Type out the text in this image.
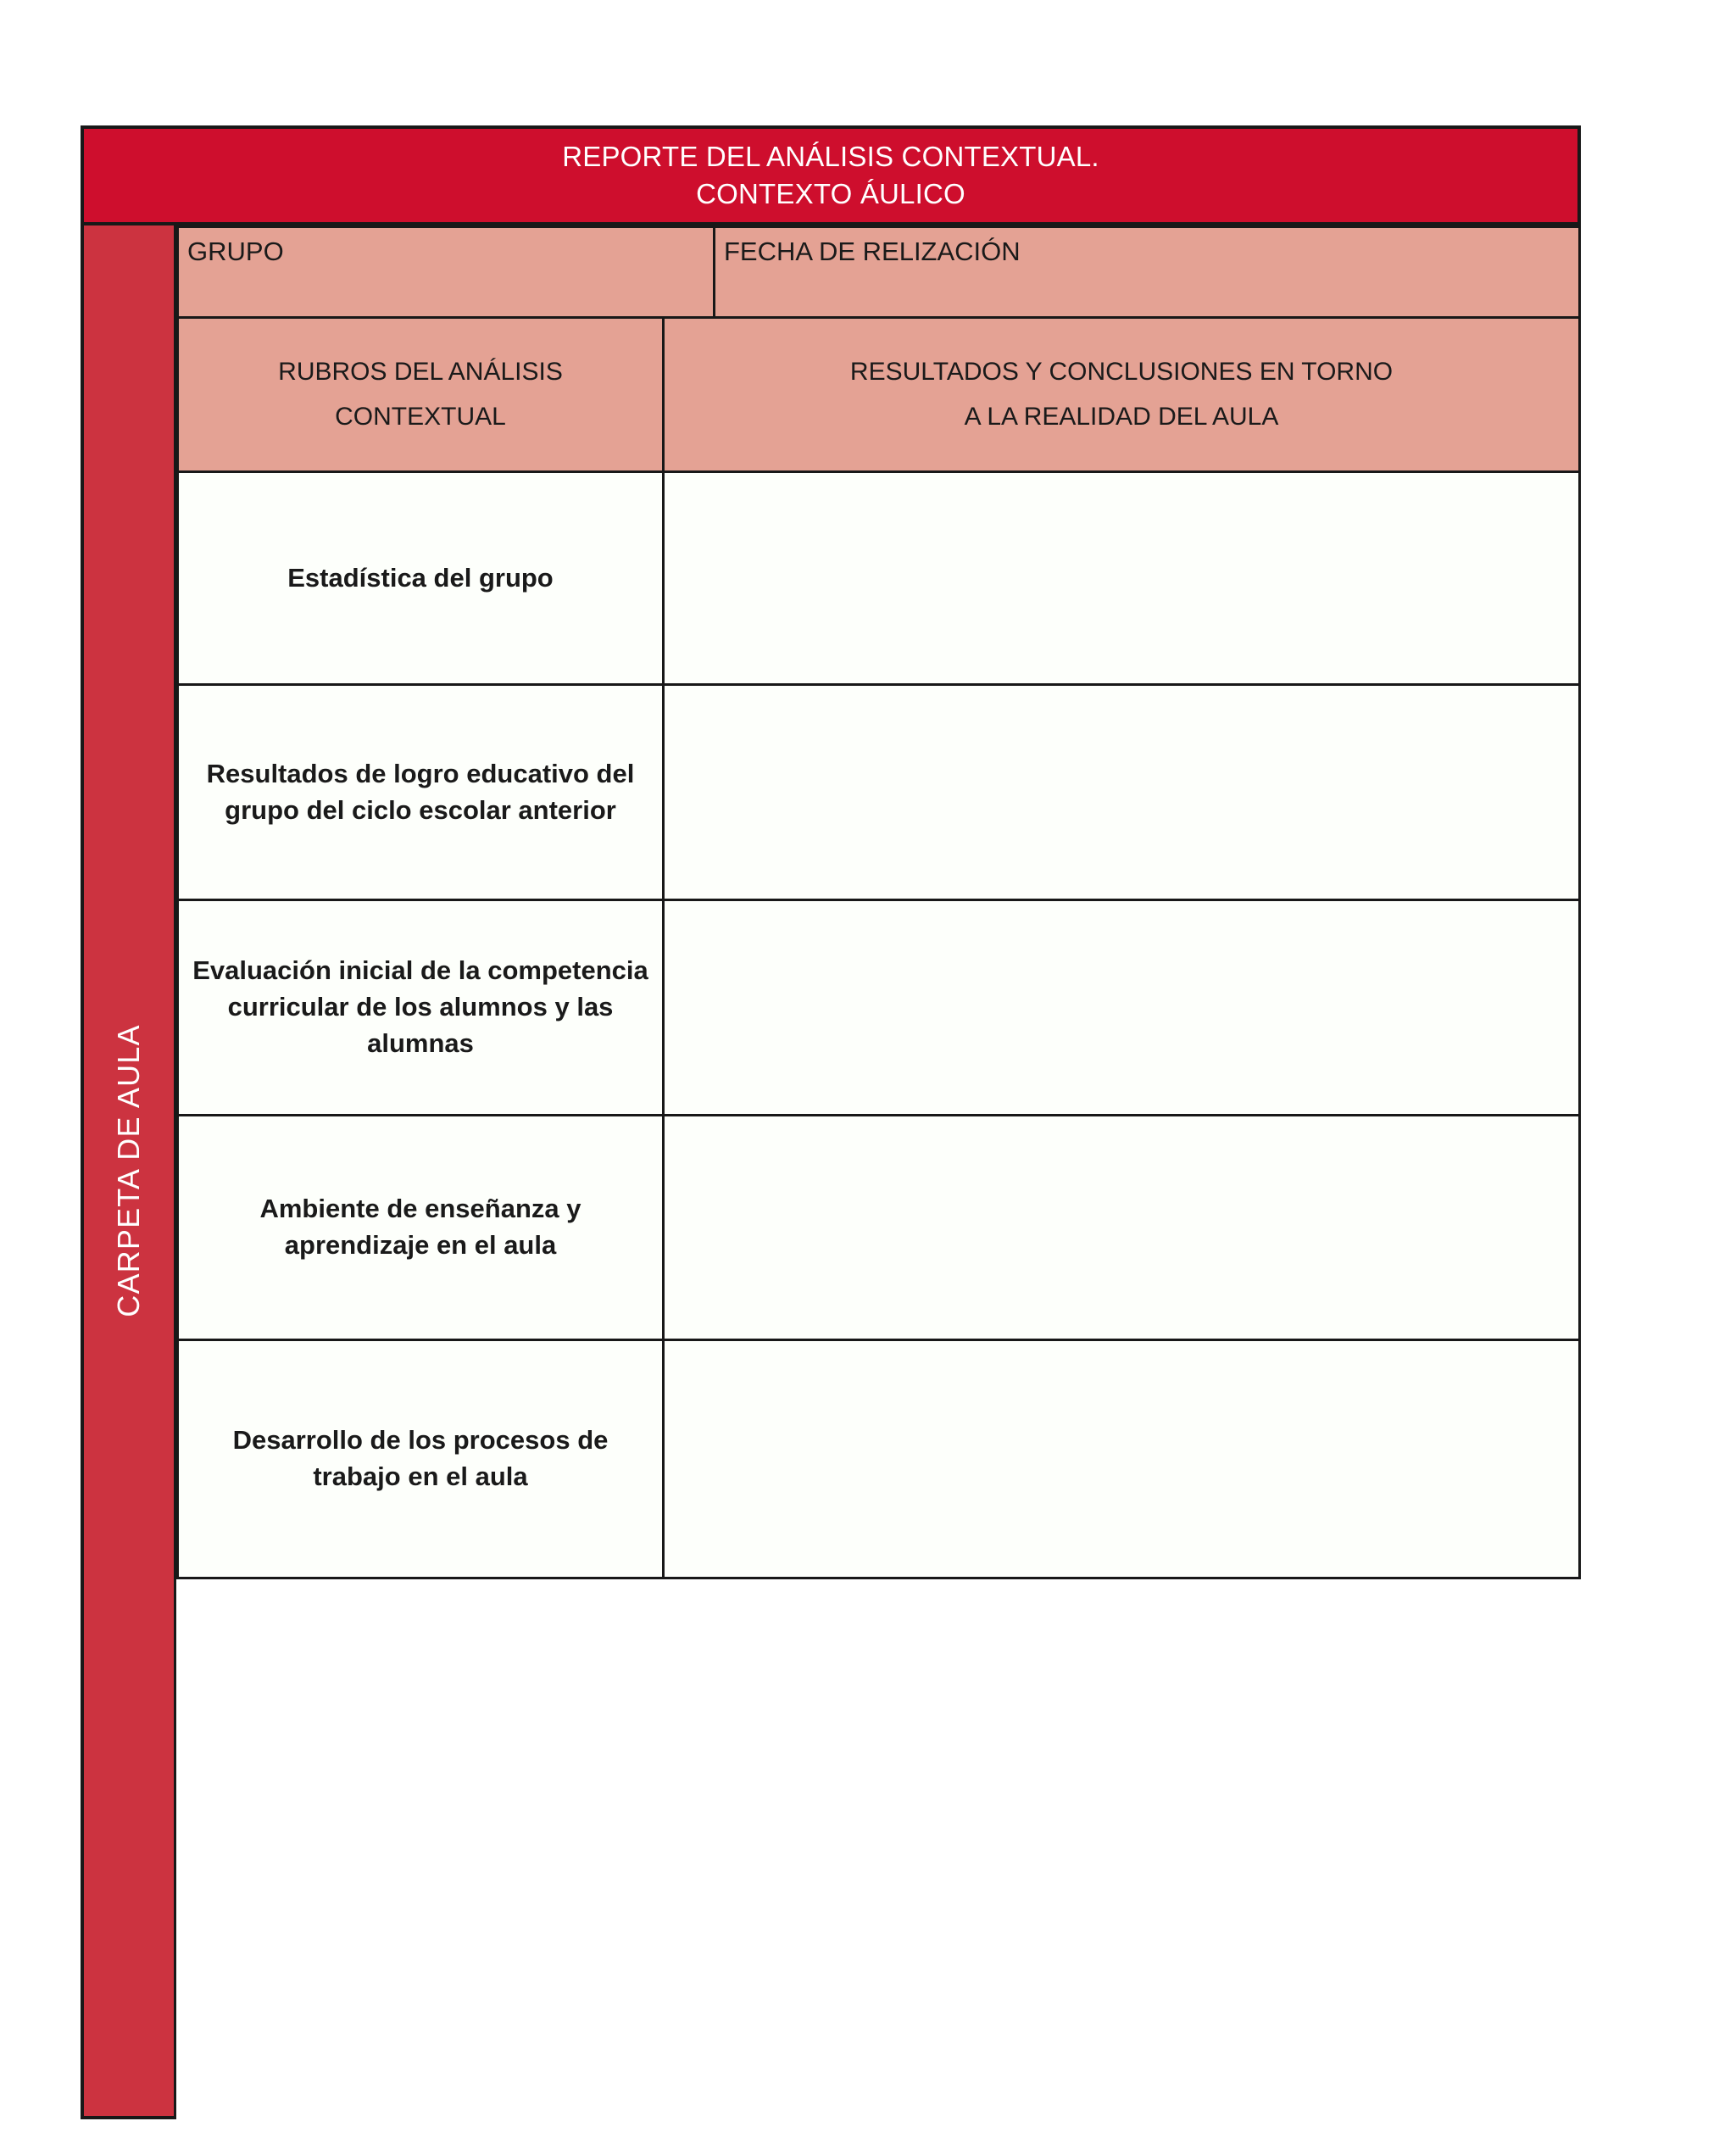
REPORTE DEL ANÁLISIS CONTEXTUAL.
CONTEXTO ÁULICO
CARPETA DE AULA
GRUPO	FECHA DE RELIZACIÓN
RUBROS DEL ANÁLISIS
CONTEXTUAL
RESULTADOS Y CONCLUSIONES EN TORNO
A LA REALIDAD DEL AULA
Estadística del grupo
Resultados de logro educativo del grupo del ciclo escolar anterior
Evaluación inicial de la competencia curricular de los alumnos y las alumnas
Ambiente de enseñanza y aprendizaje en el aula
Desarrollo de los procesos de trabajo en el aula
